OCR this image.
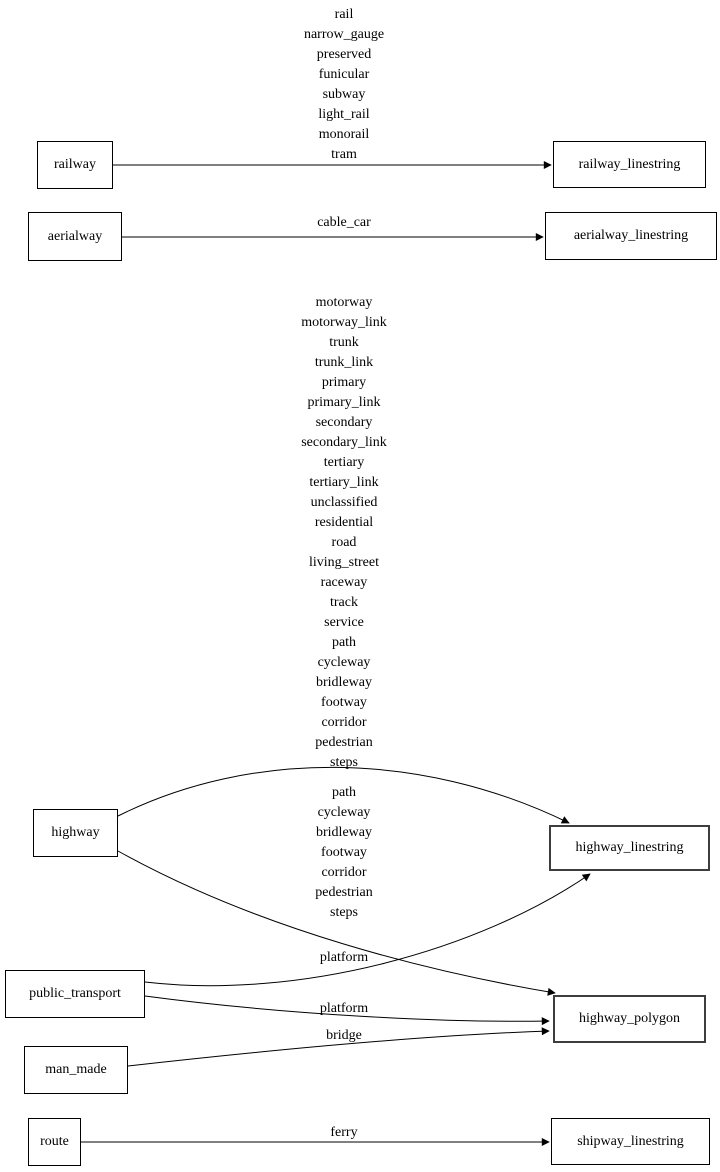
railway
aerialway
highway
public_transport
man_made
route
railway_linestring
aerialway_linestring
highway_linestring
highway_polygon
shipway_linestring
rail
narrow_gauge
preserved
funicular
subway
light_rail
monorail
tram
cable_car
motorway
motorway_link
trunk
trunk_link
primary
primary_link
secondary
secondary_link
tertiary
tertiary_link
unclassified
residential
road
living_street
raceway
track
service
path
cycleway
bridleway
footway
corridor
pedestrian
steps
path
cycleway
bridleway
footway
corridor
pedestrian
steps
platform
platform
bridge
ferry
